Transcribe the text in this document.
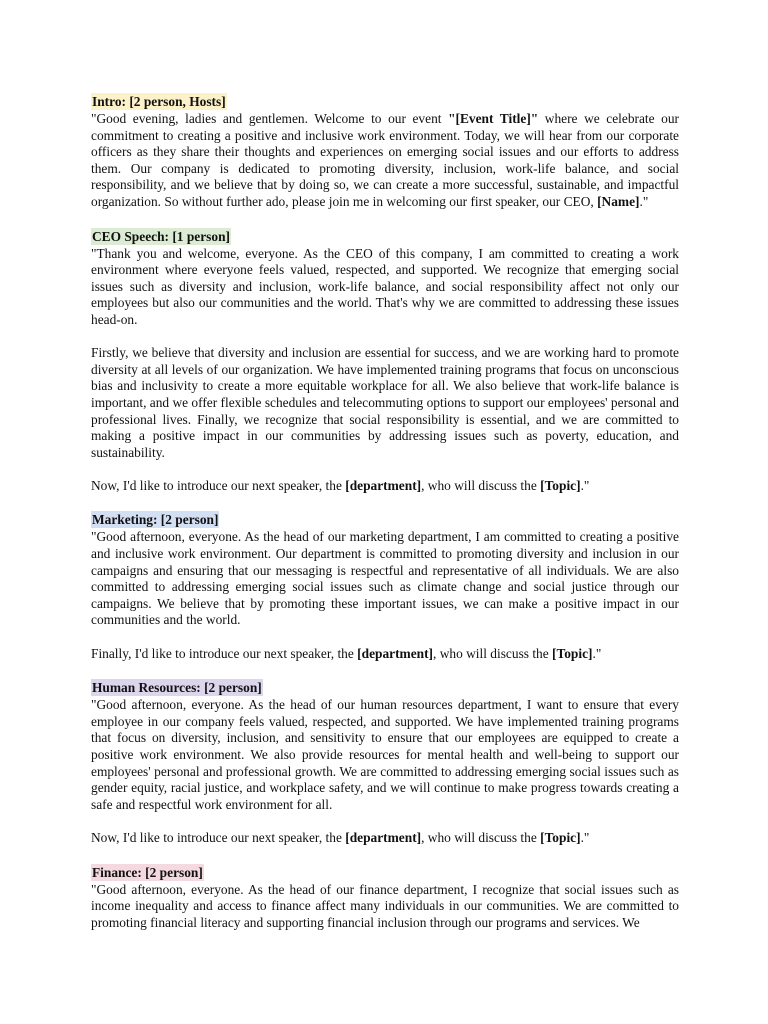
Intro: [2 person, Hosts]

"Good evening, ladies and gentlemen. Welcome to our event "[Event Title]" where we celebrate our commitment to creating a positive and inclusive work environment. Today, we will hear from our corporate officers as they share their thoughts and experiences on emerging social issues and our efforts to address them. Our company is dedicated to promoting diversity, inclusion, work-life balance, and social responsibility, and we believe that by doing so, we can create a more successful, sustainable, and impactful organization. So without further ado, please join me in welcoming our first speaker, our CEO, [Name]."

CEO Speech: [1 person]

"Thank you and welcome, everyone. As the CEO of this company, I am committed to creating a work environment where everyone feels valued, respected, and supported. We recognize that emerging social issues such as diversity and inclusion, work-life balance, and social responsibility affect not only our employees but also our communities and the world. That's why we are committed to addressing these issues head-on.

Firstly, we believe that diversity and inclusion are essential for success, and we are working hard to promote diversity at all levels of our organization. We have implemented training programs that focus on unconscious bias and inclusivity to create a more equitable workplace for all. We also believe that work-life balance is important, and we offer flexible schedules and telecommuting options to support our employees' personal and professional lives. Finally, we recognize that social responsibility is essential, and we are committed to making a positive impact in our communities by addressing issues such as poverty, education, and sustainability.

Now, I'd like to introduce our next speaker, the [department], who will discuss the [Topic]."

Marketing: [2 person]

"Good afternoon, everyone. As the head of our marketing department, I am committed to creating a positive and inclusive work environment. Our department is committed to promoting diversity and inclusion in our campaigns and ensuring that our messaging is respectful and representative of all individuals. We are also committed to addressing emerging social issues such as climate change and social justice through our campaigns. We believe that by promoting these important issues, we can make a positive impact in our communities and the world.

Finally, I'd like to introduce our next speaker, the [department], who will discuss the [Topic]."

Human Resources: [2 person]

"Good afternoon, everyone. As the head of our human resources department, I want to ensure that every employee in our company feels valued, respected, and supported. We have implemented training programs that focus on diversity, inclusion, and sensitivity to ensure that our employees are equipped to create a positive work environment. We also provide resources for mental health and well-being to support our employees' personal and professional growth. We are committed to addressing emerging social issues such as gender equity, racial justice, and workplace safety, and we will continue to make progress towards creating a safe and respectful work environment for all.

Now, I'd like to introduce our next speaker, the [department], who will discuss the [Topic]."

Finance: [2 person]

"Good afternoon, everyone. As the head of our finance department, I recognize that social issues such as income inequality and access to finance affect many individuals in our communities. We are committed to promoting financial literacy and supporting financial inclusion through our programs and services. We
